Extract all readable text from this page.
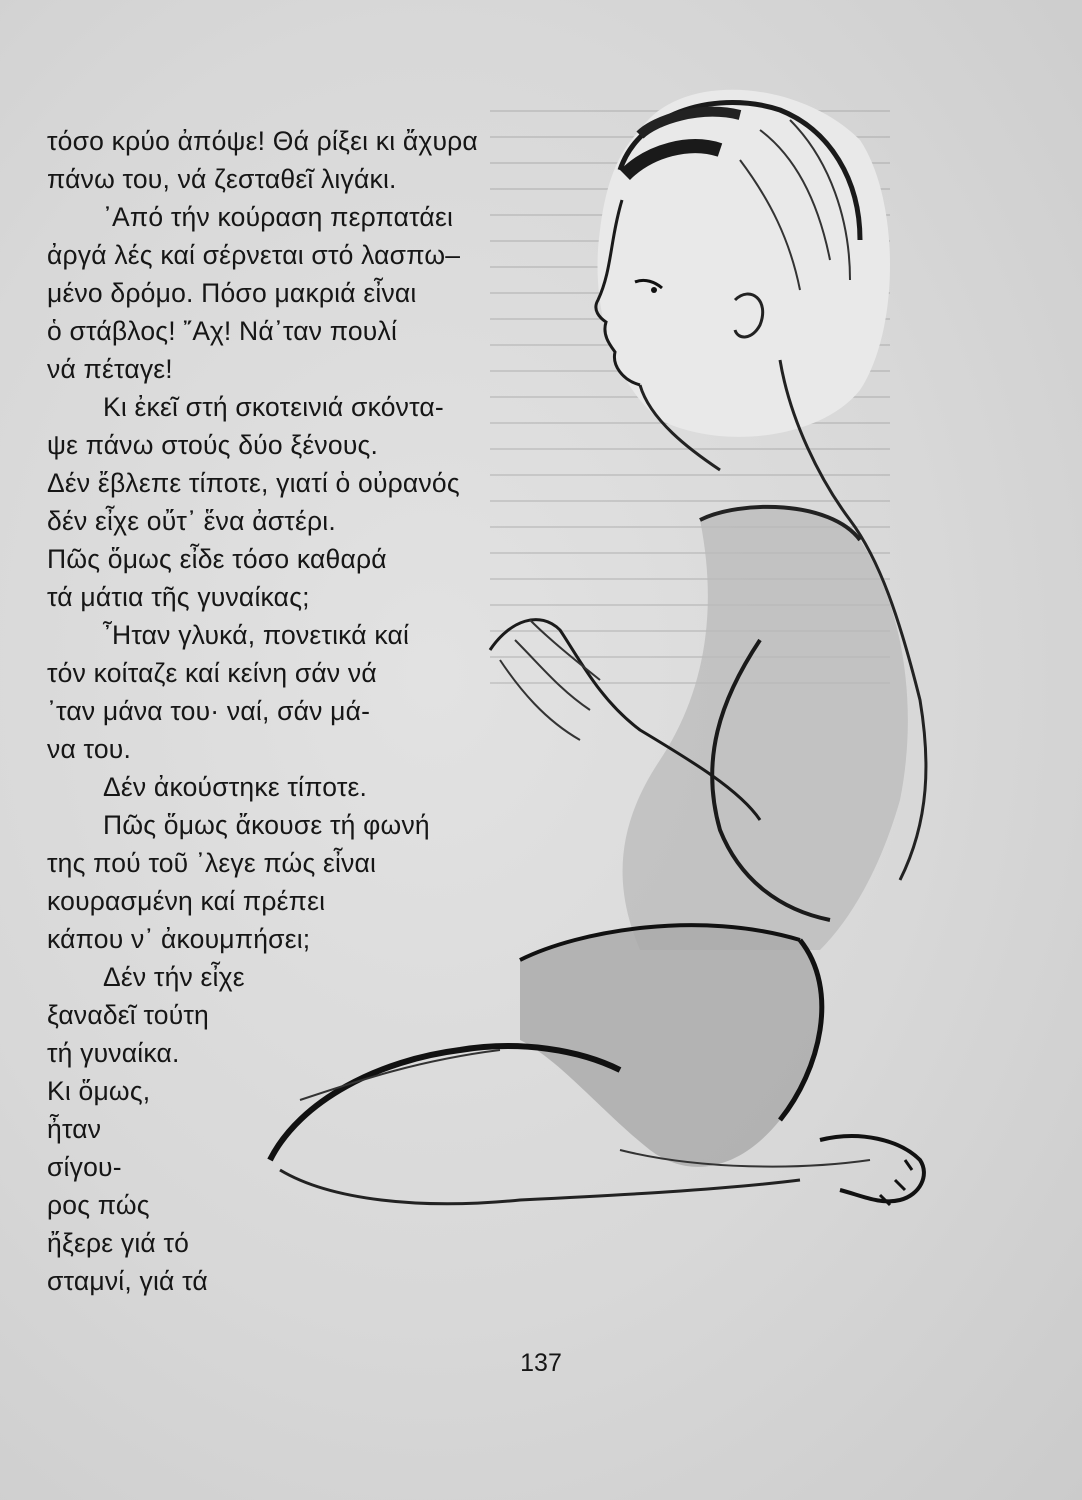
τόσο κρύο ἀπόψε! Θά ρίξει κι ἄχυρα
πάνω του, νά ζεσταθεῖ λιγάκι.
᾿Από τήν κούραση περπατάει
ἀργά λές καί σέρνεται στό λασπω–
μένο δρόμο. Πόσο μακριά εἶναι
ὁ στάβλος! ῎Αχ! Νά᾿ταν πουλί
νά πέταγε!
Κι ἐκεῖ στή σκοτεινιά σκόντα-
ψε πάνω στούς δύο ξένους.
Δέν ἔβλεπε τίποτε, γιατί ὁ οὐρανός
δέν εἶχε οὔτ᾿ ἕνα ἀστέρι.
Πῶς ὅμως εἶδε τόσο καθαρά
τά μάτια τῆς γυναίκας;
῏Ηταν γλυκά, πονετικά καί
τόν κοίταζε καί κείνη σάν νά
᾿ταν μάνα του· ναί, σάν μά-
να του.
Δέν ἀκούστηκε τίποτε.
Πῶς ὅμως ἄκουσε τή φωνή
της πού τοῦ ᾿λεγε πώς εἶναι
κουρασμένη καί πρέπει
κάπου ν᾿ ἀκουμπήσει;
Δέν τήν εἶχε
ξαναδεῖ τούτη
τή γυναίκα.
Κι ὅμως,
ἦταν
σίγου-
ρος πώς
ἤξερε γιά τό
σταμνί, γιά τά
137
